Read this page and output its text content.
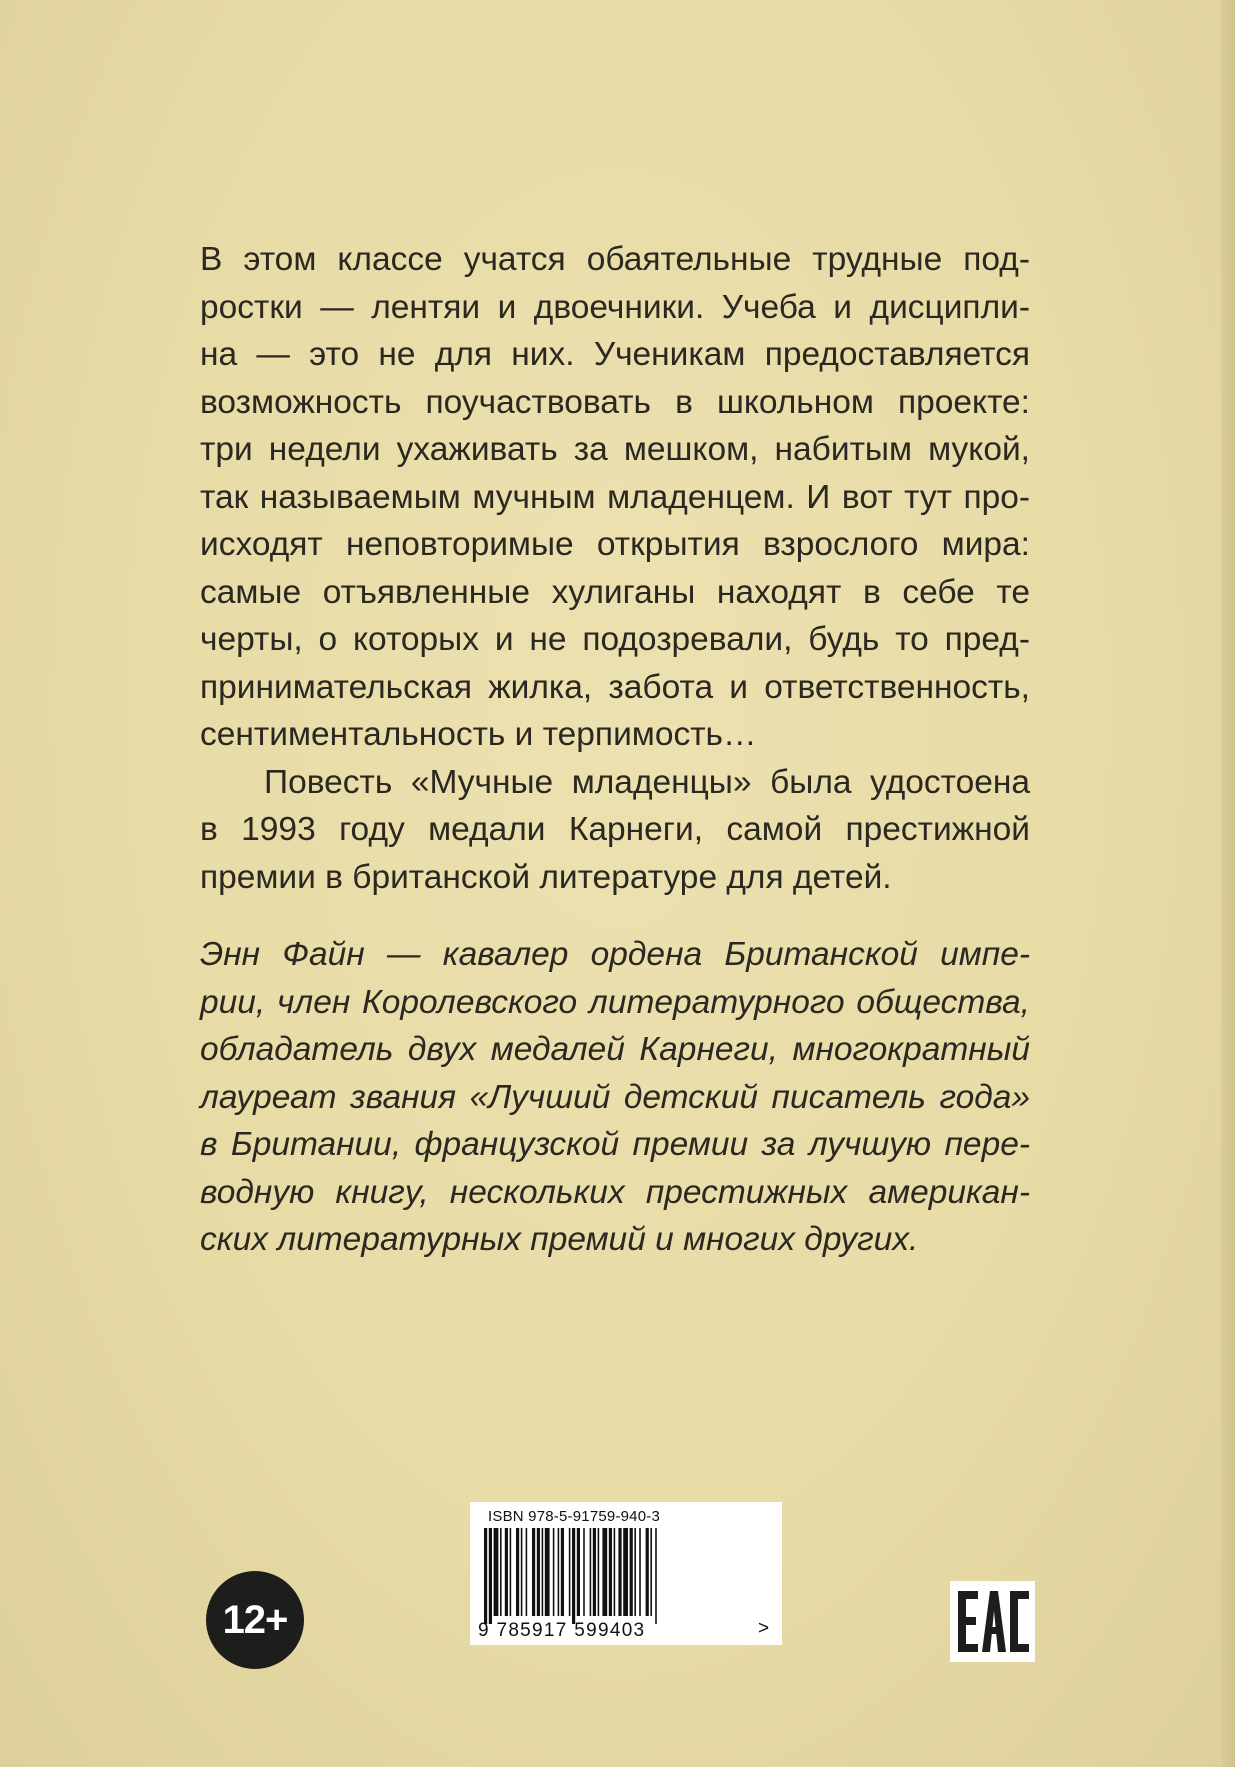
В этом классе учатся обаятельные трудные под-
ростки — лентяи и двоечники. Учеба и дисципли-
на — это не для них. Ученикам предоставляется
возможность поучаствовать в школьном проекте:
три недели ухаживать за мешком, набитым мукой,
так называемым мучным младенцем. И вот тут про-
исходят неповторимые открытия взрослого мира:
самые отъявленные хулиганы находят в себе те
черты, о которых и не подозревали, будь то пред-
принимательская жилка, забота и ответственность,
сентиментальность и терпимость…
Повесть «Мучные младенцы» была удостоена
в 1993 году медали Карнеги, самой престижной
премии в британской литературе для детей.
Энн Файн — кавалер ордена Британской импе-
рии, член Королевского литературного общества,
обладатель двух медалей Карнеги, многократный
лауреат звания «Лучший детский писатель года»
в Британии, французской премии за лучшую пере-
водную книгу, нескольких престижных американ-
ских литературных премий и многих других.
12+
ISBN 978-5-91759-940-3
9 785917 599403	>
